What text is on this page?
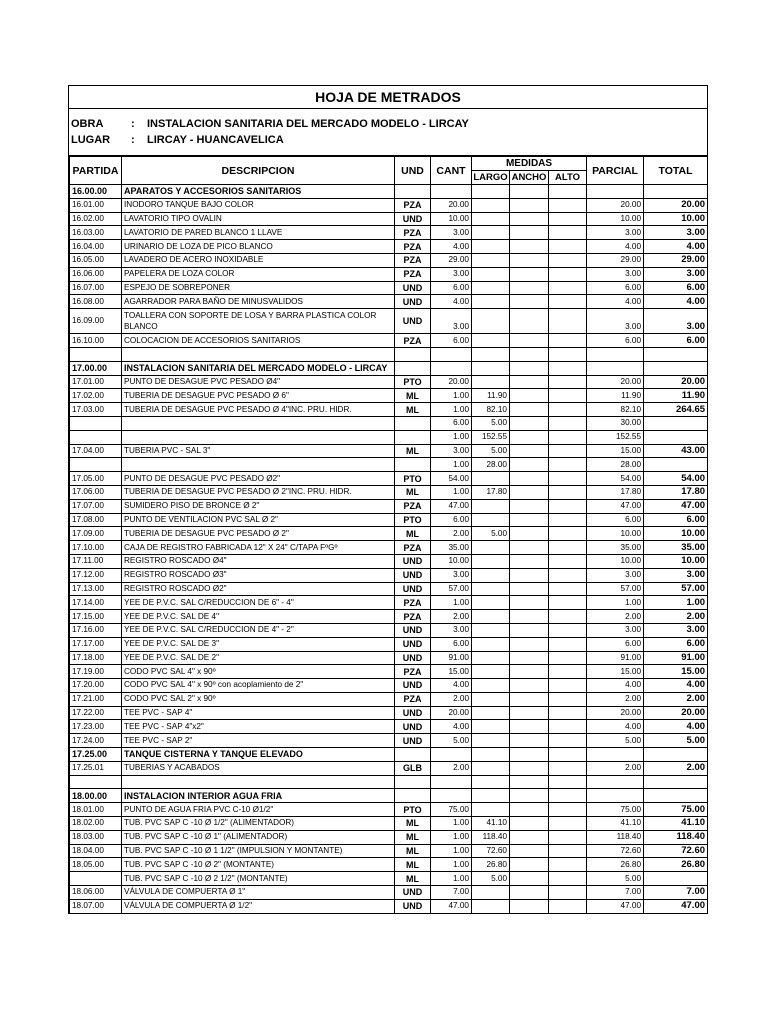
HOJA DE METRADOS
OBRA	: INSTALACION SANITARIA DEL MERCADO MODELO - LIRCAY
LUGAR : LIRCAY - HUANCAVELICA
PARTIDA	DESCRIPCION	UND	CANT	MEDIDAS			PARCIAL	TOTAL
				LARGO	ANCHO	ALTO		
16.00.00	APARATOS Y ACCESORIOS SANITARIOS							
16.01.00	INODORO TANQUE BAJO COLOR	PZA	20.00				20.00	20.00
16.02.00	LAVATORIO TIPO OVALIN	UND	10.00				10.00	10.00
16.03.00	LAVATORIO DE PARED BLANCO 1 LLAVE	PZA	3.00				3.00	3.00
16.04.00	URINARIO DE LOZA DE PICO BLANCO	PZA	4.00				4.00	4.00
16.05.00	LAVADERO DE ACERO INOXIDABLE	PZA	29.00				29.00	29.00
16.06.00	PAPELERA DE LOZA COLOR	PZA	3.00				3.00	3.00
16.07.00	ESPEJO DE SOBREPONER	UND	6.00				6.00	6.00
16.08.00	AGARRADOR PARA BAÑO DE MINUSVALIDOS	UND	4.00				4.00	4.00
16.09.00	TOALLERA CON SOPORTE DE LOSA Y BARRA PLASTICA COLOR BLANCO	UND	3.00				3.00	3.00
16.10.00	COLOCACION DE ACCESORIOS SANITARIOS	PZA	6.00				6.00	6.00

17.00.00	INSTALACION SANITARIA DEL MERCADO MODELO - LIRCAY							
17.01.00	PUNTO DE DESAGUE PVC PESADO Ø4"	PTO	20.00				20.00	20.00
17.02.00	TUBERIA DE DESAGUE PVC PESADO Ø 6"	ML	1.00	11.90			11.90	11.90
17.03.00	TUBERIA DE DESAGUE PVC PESADO Ø 4"INC. PRU. HIDR.	ML	1.00	82.10			82.10	264.65
			6.00	5.00			30.00	
			1.00	152.55			152.55	
17.04.00	TUBERIA PVC - SAL 3"	ML	3.00	5.00			15.00	43.00
			1.00	28.00			28.00	
17.05.00	PUNTO DE DESAGUE PVC PESADO Ø2"	PTO	54.00				54.00	54.00
17.06.00	TUBERIA DE DESAGUE PVC PESADO Ø 2"INC. PRU. HIDR.	ML	1.00	17.80			17.80	17.80
17.07.00	SUMIDERO PISO DE BRONCE Ø 2"	PZA	47.00				47.00	47.00
17.08.00	PUNTO DE VENTILACION PVC SAL Ø 2"	PTO	6.00				6.00	6.00
17.09.00	TUBERIA DE DESAGUE PVC PESADO Ø 2"	ML	2.00	5.00			10.00	10.00
17.10.00	CAJA DE REGISTRO FABRICADA 12" X 24" C/TAPA FºGº	PZA	35.00				35.00	35.00
17.11.00	REGISTRO ROSCADO Ø4"	UND	10.00				10.00	10.00
17.12.00	REGISTRO ROSCADO Ø3"	UND	3.00				3.00	3.00
17.13.00	REGISTRO ROSCADO Ø2"	UND	57.00				57.00	57.00
17.14.00	YEE DE P.V.C. SAL C/REDUCCION DE 6" - 4"	PZA	1.00				1.00	1.00
17.15.00	YEE DE P.V.C. SAL DE 4"	PZA	2.00				2.00	2.00
17.16.00	YEE DE P.V.C. SAL C/REDUCCION DE 4" - 2"	UND	3.00				3.00	3.00
17.17.00	YEE DE P.V.C. SAL DE 3"	UND	6.00				6.00	6.00
17.18.00	YEE DE P.V.C. SAL DE 2"	UND	91.00				91.00	91.00
17.19.00	CODO PVC SAL 4" x 90º	PZA	15.00				15.00	15.00
17.20.00	CODO PVC SAL 4" x 90º con acoplamiento de 2"	UND	4.00				4.00	4.00
17.21.00	CODO PVC SAL 2" x 90º	PZA	2.00				2.00	2.00
17.22.00	TEE PVC - SAP 4"	UND	20.00				20.00	20.00
17.23.00	TEE PVC - SAP 4"x2"	UND	4.00				4.00	4.00
17.24.00	TEE PVC - SAP 2"	UND	5.00				5.00	5.00
17.25.00	TANQUE CISTERNA Y TANQUE ELEVADO							
17.25.01	TUBERIAS Y ACABADOS	GLB	2.00				2.00	2.00

18.00.00	INSTALACION INTERIOR AGUA FRIA							
18.01.00	PUNTO DE AGUA FRIA PVC C-10 Ø1/2"	PTO	75.00				75.00	75.00
18.02.00	TUB. PVC SAP C -10 Ø 1/2" (ALIMENTADOR)	ML	1.00	41.10			41.10	41.10
18.03.00	TUB. PVC SAP C -10 Ø 1" (ALIMENTADOR)	ML	1.00	118.40			118.40	118.40
18.04.00	TUB. PVC SAP C -10 Ø 1 1/2" (IMPULSION Y MONTANTE)	ML	1.00	72.60			72.60	72.60
18.05.00	TUB. PVC SAP C -10 Ø 2" (MONTANTE)	ML	1.00	26.80			26.80	26.80
	TUB. PVC SAP C -10 Ø 2 1/2" (MONTANTE)	ML	1.00	5.00			5.00	
18.06.00	VÁLVULA DE COMPUERTA Ø 1"	UND	7.00				7.00	7.00
18.07.00	VÁLVULA DE COMPUERTA Ø 1/2"	UND	47.00				47.00	47.00
